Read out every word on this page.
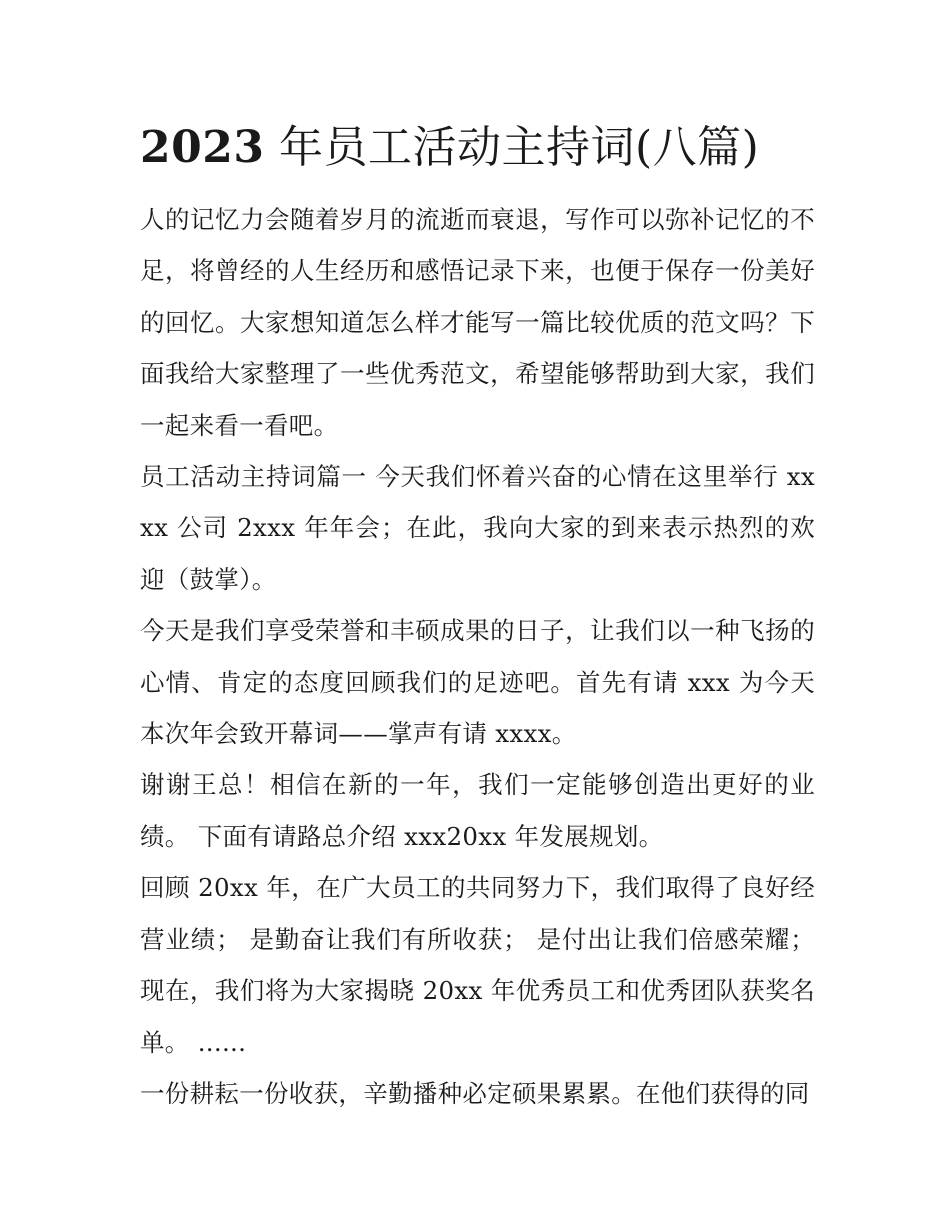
2023 年员工活动主持词(八篇)

人的记忆力会随着岁月的流逝而衰退，写作可以弥补记忆的不足，将曾经的人生经历和感悟记录下来，也便于保存一份美好的回忆。大家想知道怎么样才能写一篇比较优质的范文吗？下面我给大家整理了一些优秀范文，希望能够帮助到大家，我们一起来看一看吧。

员工活动主持词篇一 今天我们怀着兴奋的心情在这里举行 xxxx 公司 2xxx 年年会；在此，我向大家的到来表示热烈的欢迎（鼓掌）。

今天是我们享受荣誉和丰硕成果的日子，让我们以一种飞扬的心情、肯定的态度回顾我们的足迹吧。首先有请 xxx 为今天本次年会致开幕词——掌声有请 xxxx。

谢谢王总！相信在新的一年，我们一定能够创造出更好的业绩。 下面有请路总介绍 xxx20xx 年发展规划。

回顾 20xx 年，在广大员工的共同努力下，我们取得了良好经营业绩； 是勤奋让我们有所收获； 是付出让我们倍感荣耀；现在，我们将为大家揭晓 20xx 年优秀员工和优秀团队获奖名单。 ......

一份耕耘一份收获，辛勤播种必定硕果累累。在他们获得的同
